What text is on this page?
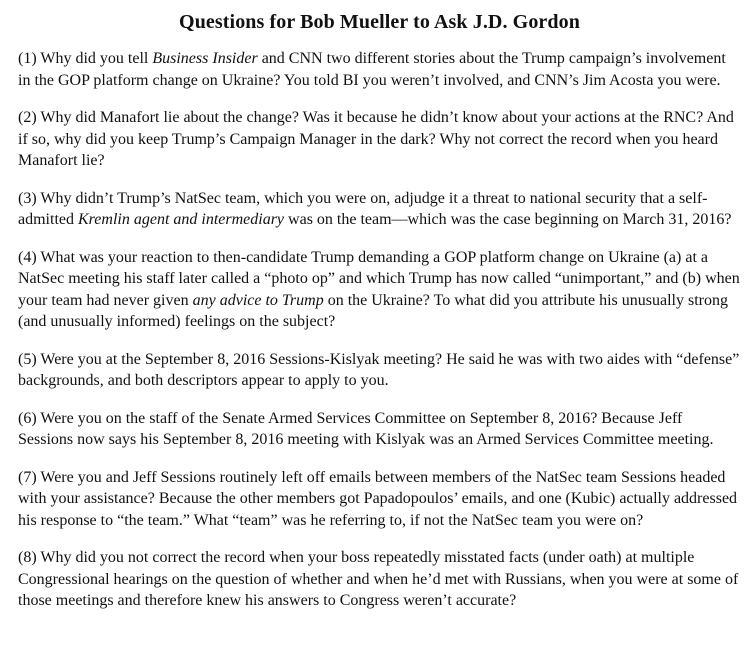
Questions for Bob Mueller to Ask J.D. Gordon

(1) Why did you tell Business Insider and CNN two different stories about the Trump campaign’s involvement in the GOP platform change on Ukraine? You told BI you weren’t involved, and CNN’s Jim Acosta you were.

(2) Why did Manafort lie about the change? Was it because he didn’t know about your actions at the RNC? And if so, why did you keep Trump’s Campaign Manager in the dark? Why not correct the record when you heard Manafort lie?

(3) Why didn’t Trump’s NatSec team, which you were on, adjudge it a threat to national security that a self-admitted Kremlin agent and intermediary was on the team—which was the case beginning on March 31, 2016?

(4) What was your reaction to then-candidate Trump demanding a GOP platform change on Ukraine (a) at a NatSec meeting his staff later called a “photo op” and which Trump has now called “unimportant,” and (b) when your team had never given any advice to Trump on the Ukraine? To what did you attribute his unusually strong (and unusually informed) feelings on the subject?

(5) Were you at the September 8, 2016 Sessions-Kislyak meeting? He said he was with two aides with “defense” backgrounds, and both descriptors appear to apply to you.

(6) Were you on the staff of the Senate Armed Services Committee on September 8, 2016? Because Jeff Sessions now says his September 8, 2016 meeting with Kislyak was an Armed Services Committee meeting.

(7) Were you and Jeff Sessions routinely left off emails between members of the NatSec team Sessions headed with your assistance? Because the other members got Papadopoulos’ emails, and one (Kubic) actually addressed his response to “the team.” What “team” was he referring to, if not the NatSec team you were on?

(8) Why did you not correct the record when your boss repeatedly misstated facts (under oath) at multiple Congressional hearings on the question of whether and when he’d met with Russians, when you were at some of those meetings and therefore knew his answers to Congress weren’t accurate?
